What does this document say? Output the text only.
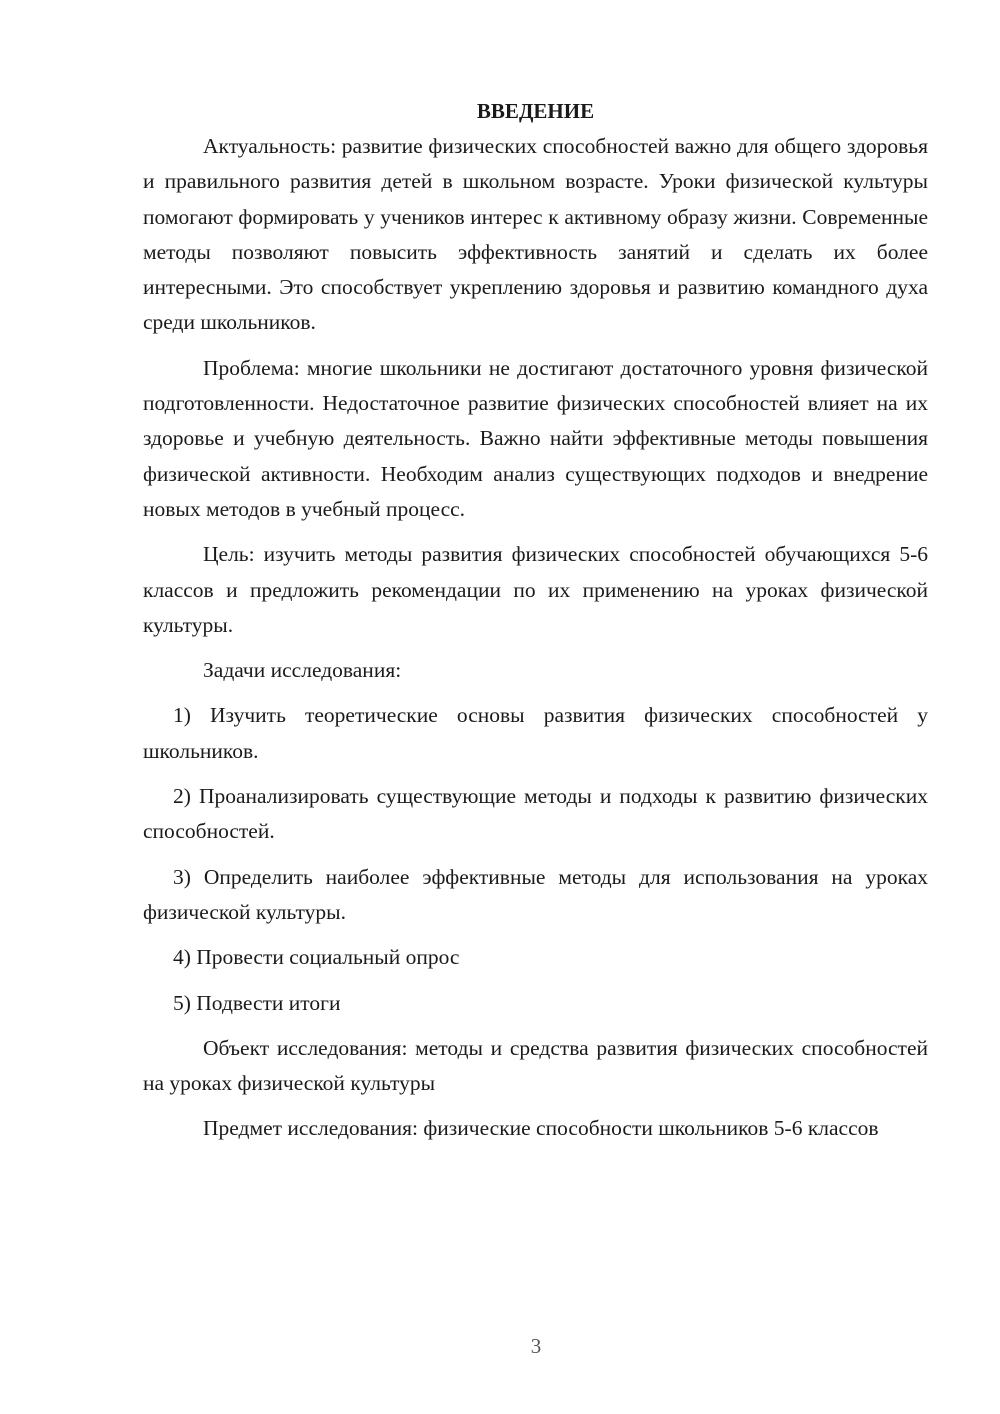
ВВЕДЕНИЕ

Актуальность: развитие физических способностей важно для общего здоровья и правильного развития детей в школьном возрасте. Уроки физической культуры помогают формировать у учеников интерес к активному образу жизни. Современные методы позволяют повысить эффективность занятий и сделать их более интересными. Это способствует укреплению здоровья и развитию командного духа среди школьников.

Проблема: многие школьники не достигают достаточного уровня физической подготовленности. Недостаточное развитие физических способностей влияет на их здоровье и учебную деятельность. Важно найти эффективные методы повышения физической активности. Необходим анализ существующих подходов и внедрение новых методов в учебный процесс.

Цель: изучить методы развития физических способностей обучающихся 5-6 классов и предложить рекомендации по их применению на уроках физической культуры.

Задачи исследования:

1) Изучить теоретические основы развития физических способностей у школьников.

2) Проанализировать существующие методы и подходы к развитию физических способностей.

3) Определить наиболее эффективные методы для использования на уроках физической культуры.

4) Провести социальный опрос

5) Подвести итоги

Объект исследования: методы и средства развития физических способностей на уроках физической культуры

Предмет исследования: физические способности школьников 5-6 классов

3
